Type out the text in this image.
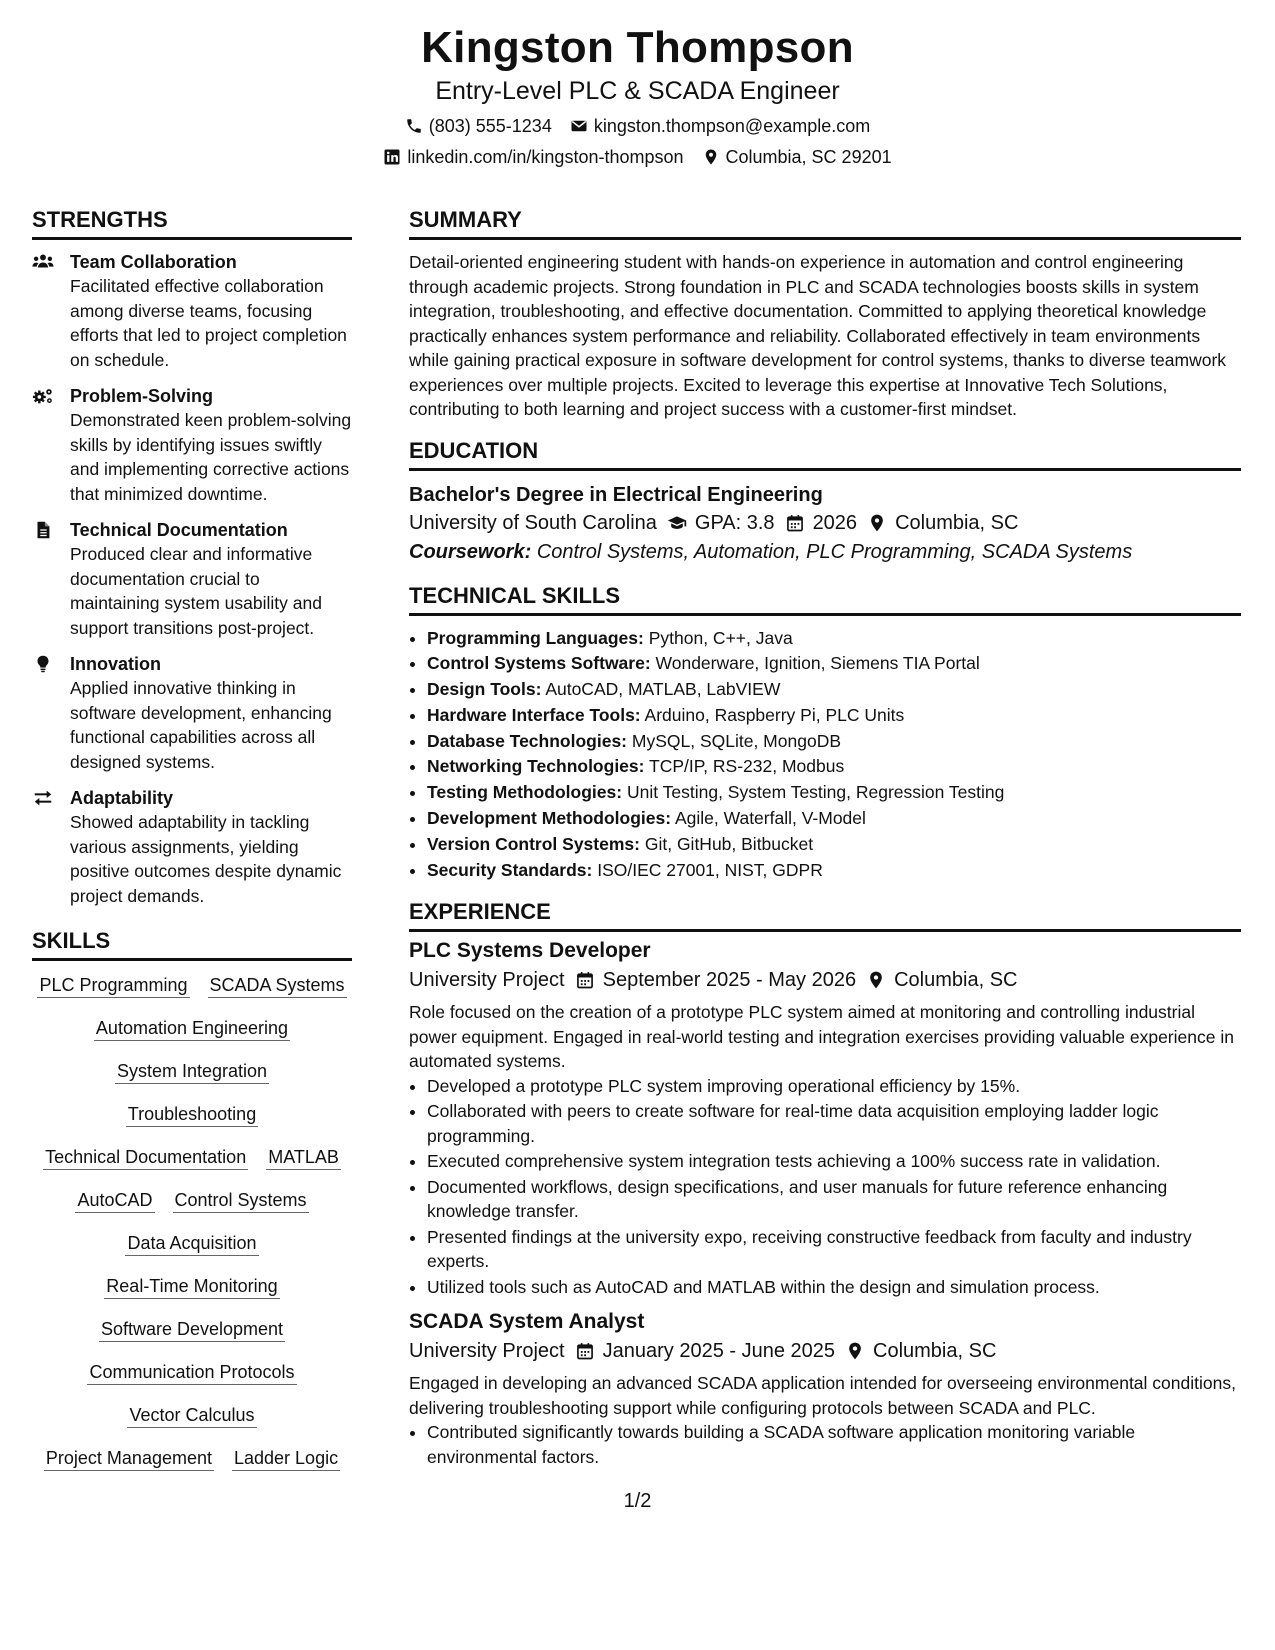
Kingston Thompson
Entry-Level PLC & SCADA Engineer
(803) 555-1234 kingston.thompson@example.com
linkedin.com/in/kingston-thompson Columbia, SC 29201
STRENGTHS
Team Collaboration
Facilitated effective collaboration among diverse teams, focusing efforts that led to project completion on schedule.
Problem-Solving
Demonstrated keen problem-solving skills by identifying issues swiftly and implementing corrective actions that minimized downtime.
Technical Documentation
Produced clear and informative documentation crucial to maintaining system usability and support transitions post-project.
Innovation
Applied innovative thinking in software development, enhancing functional capabilities across all designed systems.
Adaptability
Showed adaptability in tackling various assignments, yielding positive outcomes despite dynamic project demands.
SKILLS
PLC Programming SCADA Systems
Automation Engineering
System Integration
Troubleshooting
Technical Documentation MATLAB
AutoCAD Control Systems
Data Acquisition
Real-Time Monitoring
Software Development
Communication Protocols
Vector Calculus
Project Management Ladder Logic
SUMMARY

Detail-oriented engineering student with hands-on experience in automation and control engineering through academic projects. Strong foundation in PLC and SCADA technologies boosts skills in system integration, troubleshooting, and effective documentation. Committed to applying theoretical knowledge practically enhances system performance and reliability. Collaborated effectively in team environments while gaining practical exposure in software development for control systems, thanks to diverse teamwork experiences over multiple projects. Excited to leverage this expertise at Innovative Tech Solutions, contributing to both learning and project success with a customer-first mindset.

EDUCATION
Bachelor's Degree in Electrical Engineering
University of South Carolina GPA: 3.8 2026 Columbia, SC
Coursework: Control Systems, Automation, PLC Programming, SCADA Systems
TECHNICAL SKILLS
• Programming Languages: Python, C++, Java
• Control Systems Software: Wonderware, Ignition, Siemens TIA Portal
• Design Tools: AutoCAD, MATLAB, LabVIEW
• Hardware Interface Tools: Arduino, Raspberry Pi, PLC Units
• Database Technologies: MySQL, SQLite, MongoDB
• Networking Technologies: TCP/IP, RS-232, Modbus
• Testing Methodologies: Unit Testing, System Testing, Regression Testing
• Development Methodologies: Agile, Waterfall, V-Model
• Version Control Systems: Git, GitHub, Bitbucket
• Security Standards: ISO/IEC 27001, NIST, GDPR
EXPERIENCE
PLC Systems Developer
University Project September 2025 - May 2026 Columbia, SC

Role focused on the creation of a prototype PLC system aimed at monitoring and controlling industrial power equipment. Engaged in real-world testing and integration exercises providing valuable experience in automated systems.

• Developed a prototype PLC system improving operational efficiency by 15%.
• Collaborated with peers to create software for real-time data acquisition employing ladder logic programming.
• Executed comprehensive system integration tests achieving a 100% success rate in validation.
• Documented workflows, design specifications, and user manuals for future reference enhancing knowledge transfer.
• Presented findings at the university expo, receiving constructive feedback from faculty and industry experts.
• Utilized tools such as AutoCAD and MATLAB within the design and simulation process.
SCADA System Analyst
University Project January 2025 - June 2025 Columbia, SC

Engaged in developing an advanced SCADA application intended for overseeing environmental conditions, delivering troubleshooting support while configuring protocols between SCADA and PLC.

• Contributed significantly towards building a SCADA software application monitoring variable environmental factors.
1/2
